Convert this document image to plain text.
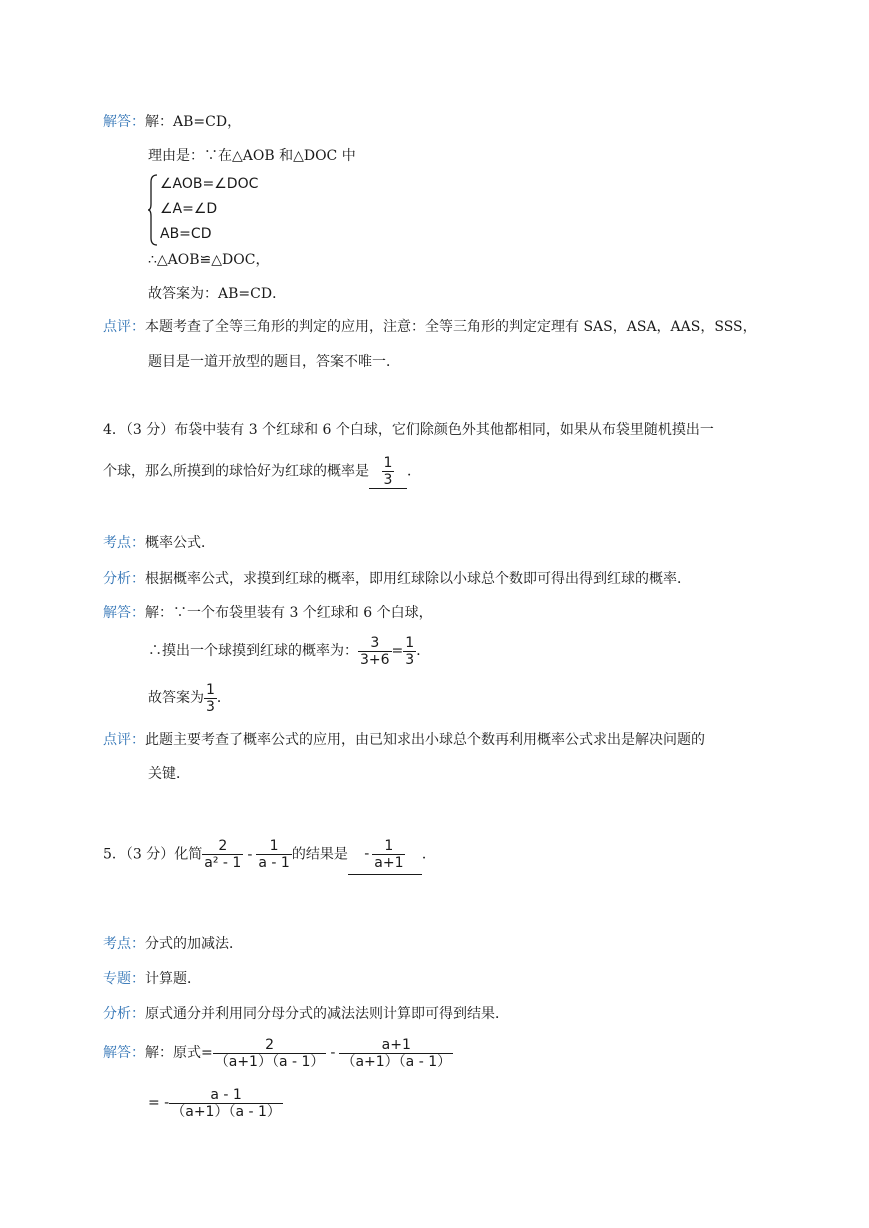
解答：解：AB=CD，
理由是：∵在△AOB 和△DOC 中
∠AOB=∠DOC
∠A=∠D
AB=CD
∴△AOB≌△DOC，
故答案为：AB=CD．
点评：本题考查了全等三角形的判定的应用，注意：全等三角形的判定定理有 SAS，ASA，AAS，SSS，
题目是一道开放型的题目，答案不唯一．
4．（3 分）布袋中装有 3 个红球和 6 个白球，它们除颜色外其他都相同，如果从布袋里随机摸出一
个球，那么所摸到的球恰好为红球的概率是 $\frac{1}{3}$ ．
考点：概率公式．
分析：根据概率公式，求摸到红球的概率，即用红球除以小球总个数即可得出得到红球的概率．
解答：解：∵一个布袋里装有 3 个红球和 6 个白球，
∴摸出一个球摸到红球的概率为： $\frac{3}{3+6} = \frac{1}{3}$ ．
故答案为 $\frac{1}{3}$ ．
点评：此题主要考查了概率公式的应用，由已知求出小球总个数再利用概率公式求出是解决问题的
关键．
5．（3 分）化简 $\frac{2}{\text{a² - 1}} - \frac{1}{a - 1}$ 的结果是 - $\frac{1}{a+1}$ ．
考点：分式的加减法．
专题：计算题．
分析：原式通分并利用同分母分式的减法法则计算即可得到结果．
解答：解：原式= $\frac{2}{(a+1)(a - 1)} - \frac{a+1}{(a+1)(a - 1)}$
= - $\frac{a - 1}{(a+1)(a - 1)}$
